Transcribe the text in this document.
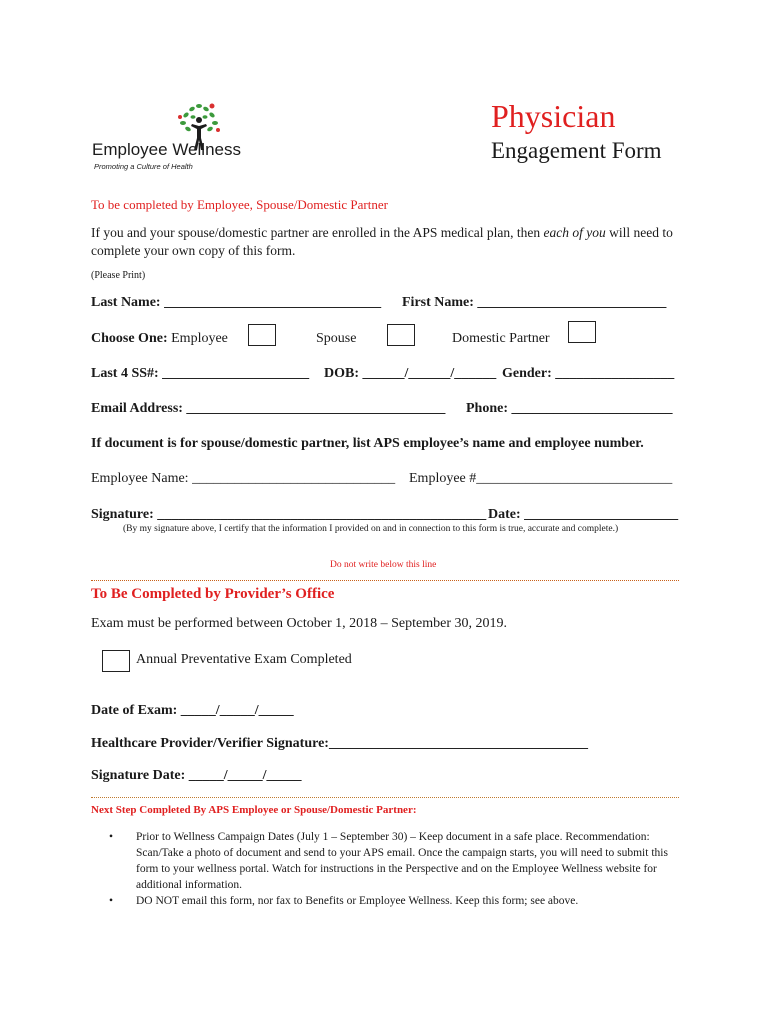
Employee Wellness
Promoting a Culture of Health
Physician
Engagement Form
To be completed by Employee, Spouse/Domestic Partner
If you and your spouse/domestic partner are enrolled in the APS medical plan, then each of you will need to complete your own copy of this form.
(Please Print)
Last Name: _______________________________ First Name: ___________________________
Choose One: Employee	Spouse	Domestic Partner
Last 4 SS#: _____________________ DOB: ______/______/______ Gender: _________________
Email Address: _____________________________________ Phone: _______________________
If document is for spouse/domestic partner, list APS employee’s name and employee number.
Employee Name: _____________________________ Employee #____________________________
Signature: _______________________________________________ Date: ______________________
(By my signature above, I certify that the information I provided on and in connection to this form is true, accurate and complete.)
Do not write below this line
To Be Completed by Provider’s Office
Exam must be performed between October 1, 2018 – September 30, 2019.
Annual Preventative Exam Completed
Date of Exam: _____/_____/_____
Healthcare Provider/Verifier Signature:_____________________________________
Signature Date: _____/_____/_____
Next Step Completed By APS Employee or Spouse/Domestic Partner:
• Prior to Wellness Campaign Dates (July 1 – September 30) – Keep document in a safe place. Recommendation: Scan/Take a photo of document and send to your APS email. Once the campaign starts, you will need to submit this form to your wellness portal. Watch for instructions in the Perspective and on the Employee Wellness website for additional information.
• DO NOT email this form, nor fax to Benefits or Employee Wellness. Keep this form; see above.
